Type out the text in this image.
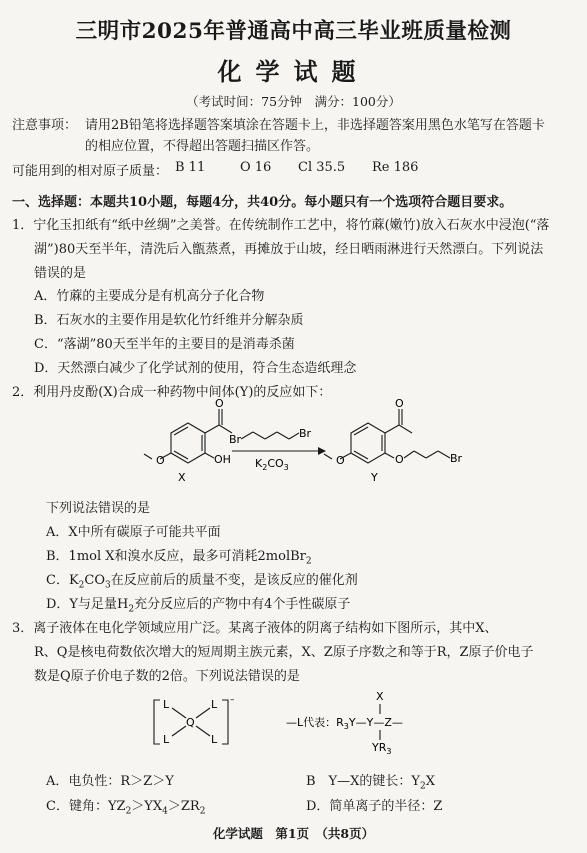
三明市2025年普通高中高三毕业班质量检测
化学试题
（考试时间：75分钟　满分：100分）
注意事项： 请用2B铅笔将选择题答案填涂在答题卡上，非选择题答案用黑色水笔写在答题卡
的相应位置，不得超出答题扫描区作答。
可能用到的相对原子质量： B 11	O 16 Cl 35.5 Re 186
一、选择题：本题共10小题，每题4分，共40分。每小题只有一个选项符合题目要求。
1．宁化玉扣纸有“纸中丝绸”之美誉。在传统制作工艺中，将竹蔴(嫩竹)放入石灰水中浸泡(“落
湖”)80天至半年，清洗后入甑蒸煮，再摊放于山坡，经日晒雨淋进行天然漂白。下列说法
错误的是
A．竹蔴的主要成分是有机高分子化合物
B．石灰水的主要作用是软化竹纤维并分解杂质
C．“落湖”80天至半年的主要目的是消毒杀菌
D．天然漂白减少了化学试剂的使用，符合生态造纸理念
2．利用丹皮酚(X)合成一种药物中间体(Y)的反应如下：
O
O	OH
X
Br	Br
$K_2CO_3$
O
O	O	Br
Y
下列说法错误的是
A．X中所有碳原子可能共平面
B．1mol X和溴水反应，最多可消耗2molBr$_2$
C．$K_2CO_3$在反应前后的质量不变，是该反应的催化剂
D．Y与足量$H_2$充分反应后的产物中有4个手性碳原子
3．离子液体在电化学领域应用广泛。某离子液体的阴离子结构如下图所示，其中X、
R、Q是核电荷数依次增大的短周期主族元素，X、Z原子序数之和等于R，Z原子价电子
数是Q原子价电子数的2倍。下列说法错误的是
L	L
L	L
Q
–	X
—L代表：$R_3Y—Y—Z—$
$YR_3$
A．电负性：R＞Z＞Y	B　Y—X的键长：$Y_2X$
C．键角：$YZ_2>YX_4>ZR_2$	D．简单离子的半径：Z
化学试题　第1页　（共8页）
